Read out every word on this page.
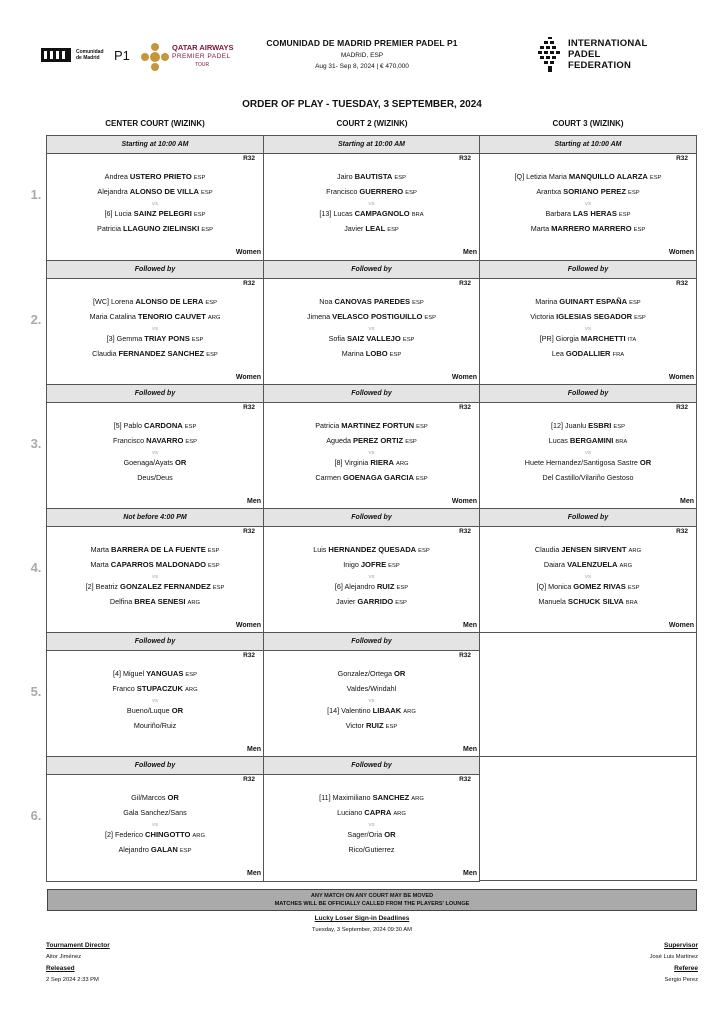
Comunidad de Madrid P1
QATAR AIRWAYS
PREMIER PADEL
TOUR
COMUNIDAD DE MADRID PREMIER PADEL P1
MADRID, ESP
Aug 31- Sep 8, 2024 | € 470,000
INTERNATIONAL
PADEL
FEDERATION
ORDER OF PLAY - TUESDAY, 3 SEPTEMBER, 2024
CENTER COURT (WIZINK)	COURT 2 (WIZINK)	COURT 3 (WIZINK)
1.
Starting at 10:00 AM
R32
Andrea USTERO PRIETO ESP
Alejandra ALONSO DE VILLA ESP
VS
[6] Lucia SAINZ PELEGRI ESP
Patricia LLAGUNO ZIELINSKI ESP
Women
Starting at 10:00 AM
R32
Jairo BAUTISTA ESP
Francisco GUERRERO ESP
VS
[13] Lucas CAMPAGNOLO BRA
Javier LEAL ESP
Men
Starting at 10:00 AM
R32
[Q] Letizia Maria MANQUILLO ALARZA ESP
Arantxa SORIANO PEREZ ESP
VS
Barbara LAS HERAS ESP
Marta MARRERO MARRERO ESP
Women
2.
Followed by
R32
[WC] Lorena ALONSO DE LERA ESP
Maria Catalina TENORIO CAUVET ARG
VS
[3] Gemma TRIAY PONS ESP
Claudia FERNANDEZ SANCHEZ ESP
Women
Followed by
R32
Noa CANOVAS PAREDES ESP
Jimena VELASCO POSTIGUILLO ESP
VS
Sofia SAIZ VALLEJO ESP
Marina LOBO ESP
Women
Followed by
R32
Marina GUINART ESPAÑA ESP
Victoria IGLESIAS SEGADOR ESP
VS
[PR] Giorgia MARCHETTI ITA
Lea GODALLIER FRA
Women
3.
Followed by
R32
[5] Pablo CARDONA ESP
Francisco NAVARRO ESP
VS
Goenaga/Ayats OR
Deus/Deus
Men
Followed by
R32
Patricia MARTINEZ FORTUN ESP
Agueda PEREZ ORTIZ ESP
VS
[8] Virginia RIERA ARG
Carmen GOENAGA GARCIA ESP
Women
Followed by
R32
[12] Juanlu ESBRI ESP
Lucas BERGAMINI BRA
VS
Huete Hernandez/Santigosa Sastre OR
Del Castillo/Vilariño Gestoso
Men
4.
Not before 4:00 PM
R32
Marta BARRERA DE LA FUENTE ESP
Marta CAPARROS MALDONADO ESP
VS
[2] Beatriz GONZALEZ FERNANDEZ ESP
Delfina BREA SENESI ARG
Women
Followed by
R32
Luis HERNANDEZ QUESADA ESP
Inigo JOFRE ESP
VS
[6] Alejandro RUIZ ESP
Javier GARRIDO ESP
Men
Followed by
R32
Claudia JENSEN SIRVENT ARG
Daiara VALENZUELA ARG
VS
[Q] Monica GOMEZ RIVAS ESP
Manuela SCHUCK SILVA BRA
Women
5.
Followed by
R32
[4] Miguel YANGUAS ESP
Franco STUPACZUK ARG
VS
Bueno/Luque OR
Mouriño/Ruiz
Men
Followed by
R32
Gonzalez/Ortega OR
Valdes/Windahl
VS
[14] Valentino LIBAAK ARG
Victor RUIZ ESP
Men
6.
Followed by
R32
Gil/Marcos OR
Gala Sanchez/Sans
VS
[2] Federico CHINGOTTO ARG
Alejandro GALAN ESP
Men
Followed by
R32
[11] Maximiliano SANCHEZ ARG
Luciano CAPRA ARG
VS
Sager/Oria OR
Rico/Gutierrez
Men
ANY MATCH ON ANY COURT MAY BE MOVED
MATCHES WILL BE OFFICIALLY CALLED FROM THE PLAYERS' LOUNGE
Lucky Loser Sign-in Deadlines
Tuesday, 3 September, 2024 09:30 AM
Tournament Director
Aitor Jiménez
Released
2 Sep 2024 2:33 PM
Supervisor
José Luis Martinez
Referee
Sergio Perez
